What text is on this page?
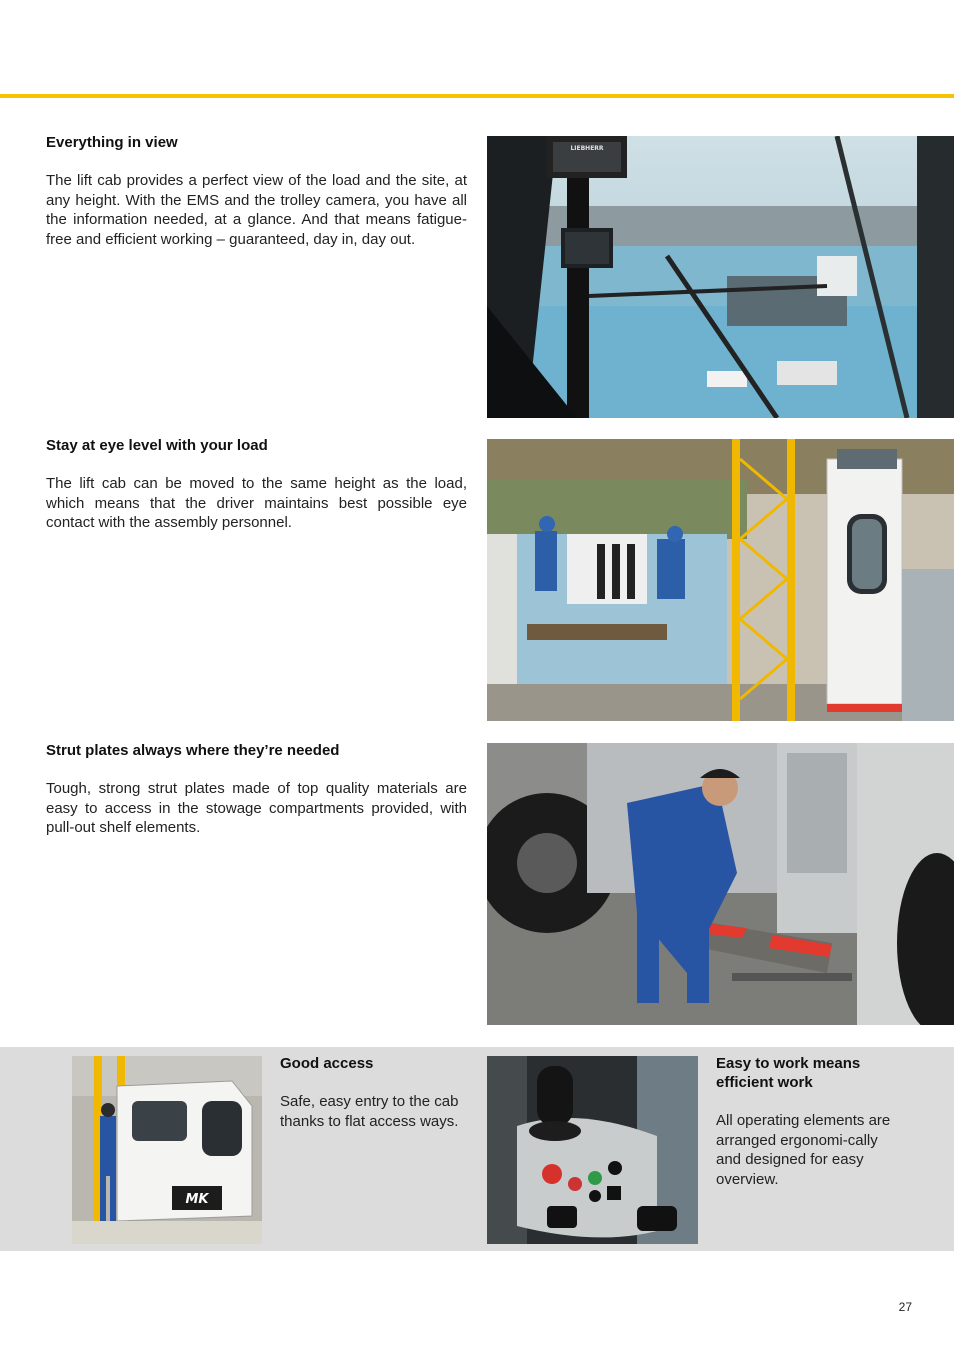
Everything in view

The lift cab provides a perfect view of the load and the site, at any height. With the EMS and the trolley camera, you have all the information needed, at a glance. And that means fatigue-free and efficient working – guaranteed, day in, day out.

LIEBHERR
Stay at eye level with your load

The lift cab can be moved to the same height as the load, which means that the driver maintains best possible eye contact with the assembly personnel.

Strut plates always where they’re needed

Tough, strong strut plates made of top quality materials are easy to access in the stowage compartments provided, with pull-out shelf elements.

MK
Good access

Safe, easy entry to the cab thanks to flat access ways.

Easy to work means efficient work

All operating elements are arranged ergonomi-cally and designed for easy overview.

27
